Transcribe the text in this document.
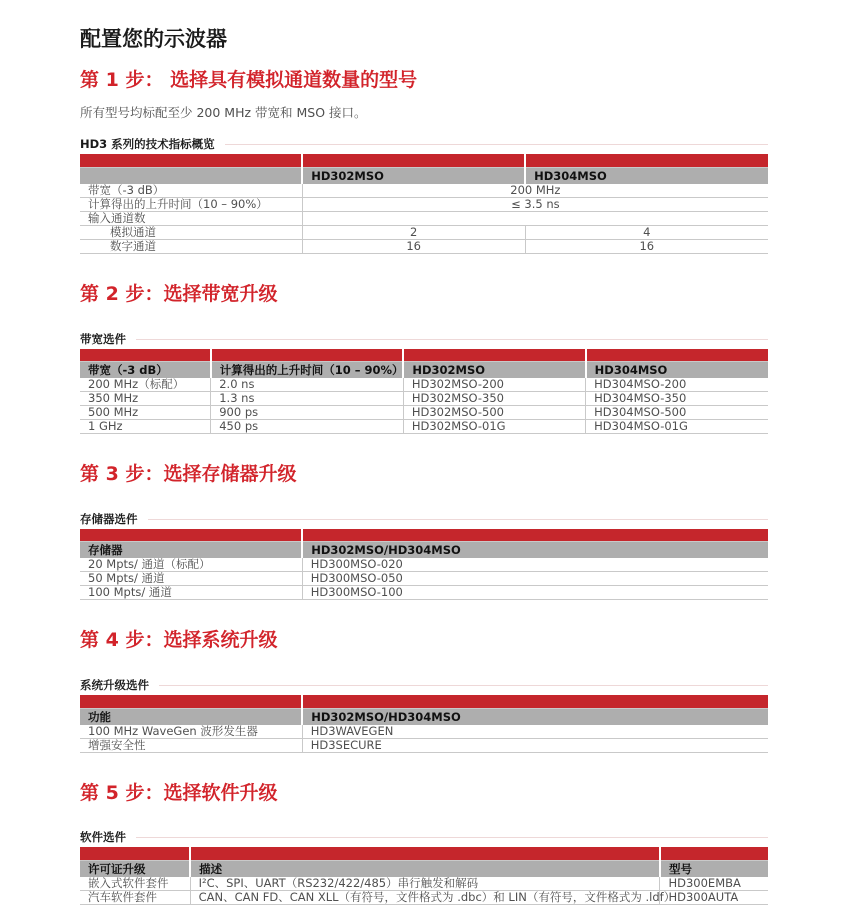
配置您的示波器
第 1 步： 选择具有模拟通道数量的型号

所有型号均标配至少 200 MHz 带宽和 MSO 接口。

HD3 系列的技术指标概览

	HD302MSO	HD304MSO
带宽（-3 dB）	200 MHz	
计算得出的上升时间（10 – 90%）	≤ 3.5 ns	
输入通道数		
模拟通道	2	4
数字通道	16	16
第 2 步：选择带宽升级
带宽选件

带宽（-3 dB）	计算得出的上升时间（10 – 90%）	HD302MSO	HD304MSO
200 MHz（标配）	2.0 ns	HD302MSO-200	HD304MSO-200
350 MHz	1.3 ns	HD302MSO-350	HD304MSO-350
500 MHz	900 ps	HD302MSO-500	HD304MSO-500
1 GHz	450 ps	HD302MSO-01G	HD304MSO-01G
第 3 步：选择存储器升级
存储器选件

存储器	HD302MSO/HD304MSO
20 Mpts/ 通道（标配）	HD300MSO-020
50 Mpts/ 通道	HD300MSO-050
100 Mpts/ 通道	HD300MSO-100
第 4 步：选择系统升级
系统升级选件

功能	HD302MSO/HD304MSO
100 MHz WaveGen 波形发生器	HD3WAVEGEN
增强安全性	HD3SECURE
第 5 步：选择软件升级
软件选件

许可证升级	描述	型号
嵌入式软件套件	I²C、SPI、UART（RS232/422/485）串行触发和解码	HD300EMBA
汽车软件套件	CAN、CAN FD、CAN XLL（有符号，文件格式为 .dbc）和 LIN（有符号，文件格式为 .ldf）	HD300AUTA
